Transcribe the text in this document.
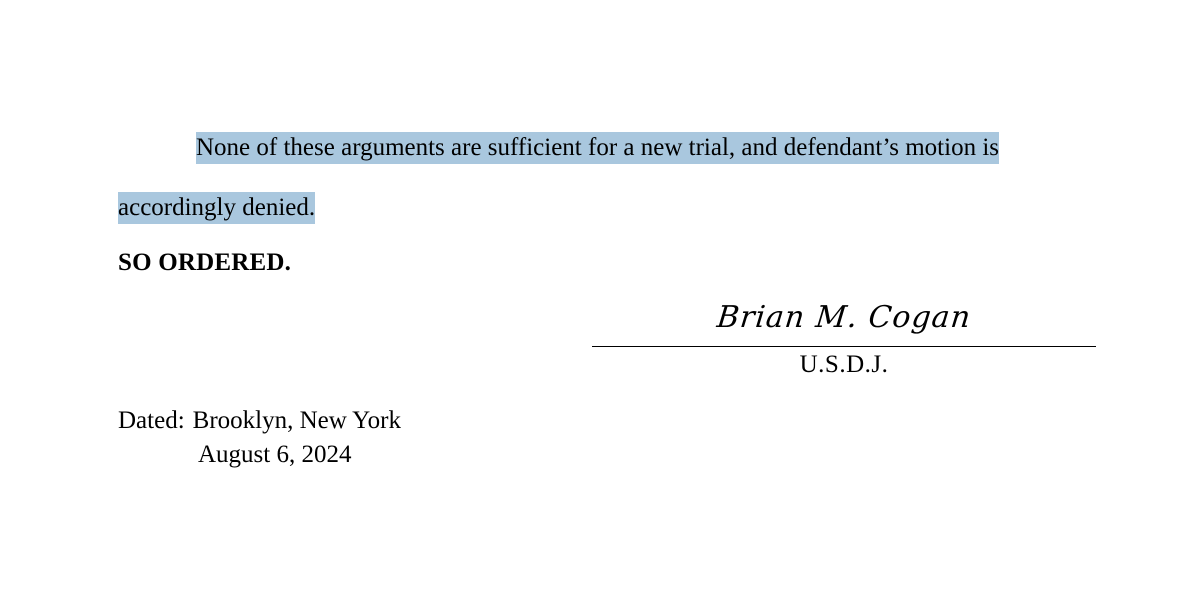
None of these arguments are sufficient for a new trial, and defendant’s motion is
accordingly denied.
SO ORDERED.
Brian M. Cogan
U.S.D.J.
Dated: Brooklyn, New York
August 6, 2024
